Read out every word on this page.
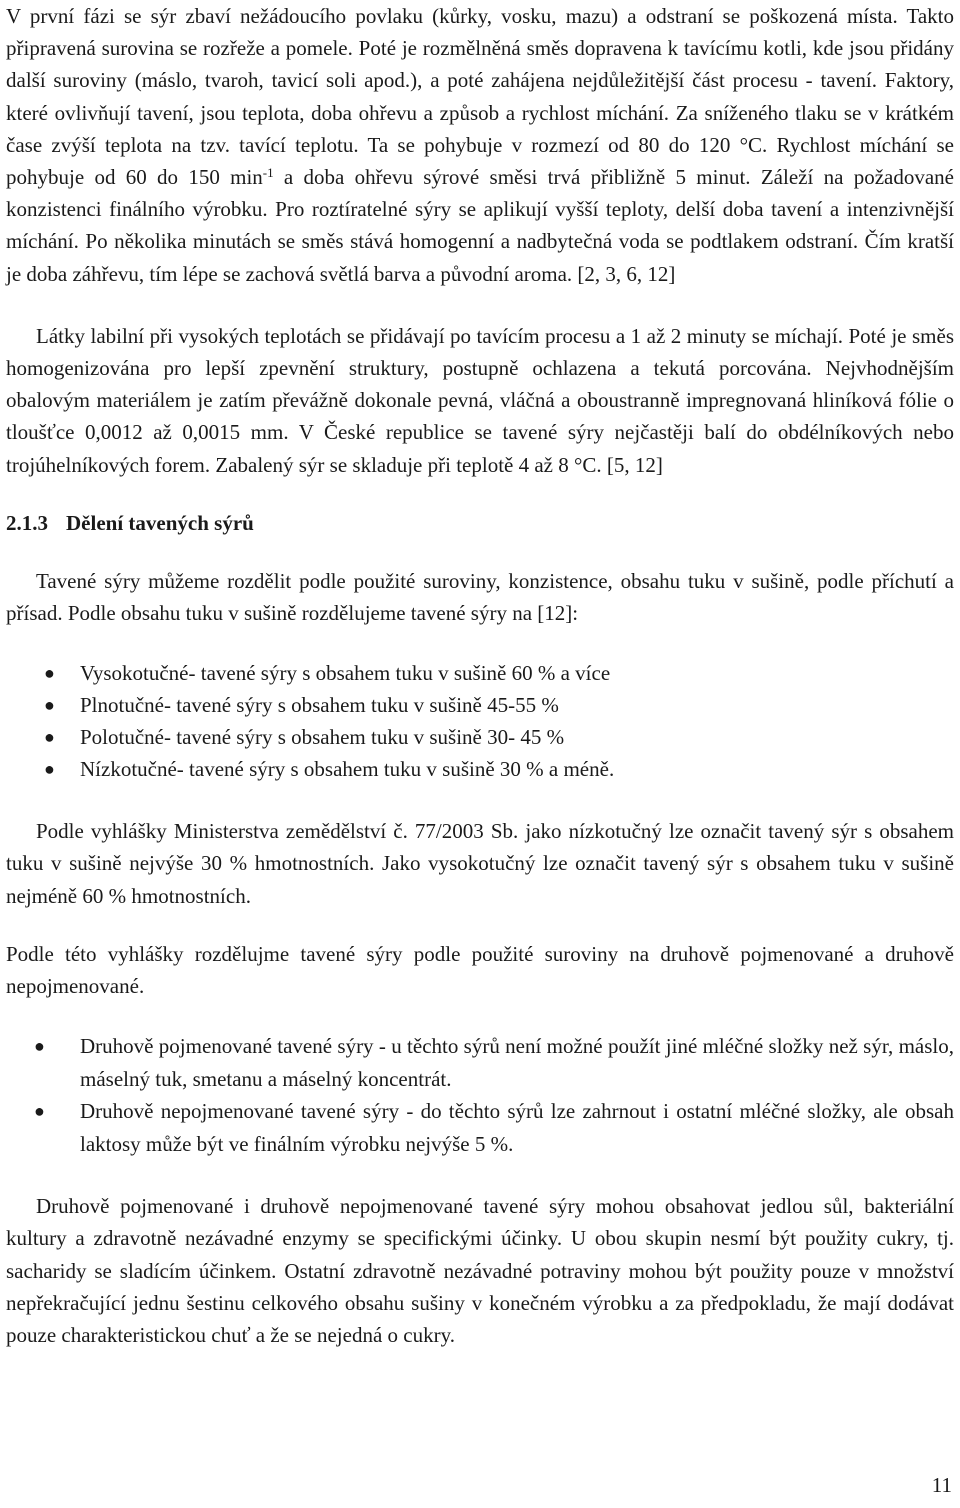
V první fázi se sýr zbaví nežádoucího povlaku (kůrky, vosku, mazu) a odstraní se poškozená místa. Takto připravená surovina se rozřeže a pomele. Poté je rozmělněná směs dopravena k tavícímu kotli, kde jsou přidány další suroviny (máslo, tvaroh, tavicí soli apod.), a poté zahájena nejdůležitější část procesu - tavení. Faktory, které ovlivňují tavení, jsou teplota, doba ohřevu a způsob a rychlost míchání. Za sníženého tlaku se v krátkém čase zvýší teplota na tzv. tavící teplotu. Ta se pohybuje v rozmezí od 80 do 120 °C. Rychlost míchání se pohybuje od 60 do 150 $\min^{-1} a$ doba ohřevu sýrové směsi trvá přibližně 5 minut. Záleží na požadované konzistenci finálního výrobku. Pro roztíratelné sýry se aplikují vyšší teploty, delší doba tavení a intenzivnější míchání. Po několika minutách se směs stává homogenní a nadbytečná voda se podtlakem odstraní. Čím kratší je doba záhřevu, tím lépe se zachová světlá barva a původní aroma. [2, 3, 6, 12]

Látky labilní při vysokých teplotách se přidávají po tavícím procesu a 1 až 2 minuty se míchají. Poté je směs homogenizována pro lepší zpevnění struktury, postupně ochlazena a tekutá porcována. Nejvhodnějším obalovým materiálem je zatím převážně dokonale pevná, vláčná a oboustranně impregnovaná hliníková fólie o tloušťce 0,0012 až 0,0015 mm. V České republice se tavené sýry nejčastěji balí do obdélníkových nebo trojúhelníkových forem. Zabalený sýr se skladuje při teplotě 4 až 8 °C. [5, 12]

2.1.3 Dělení tavených sýrů

Tavené sýry můžeme rozdělit podle použité suroviny, konzistence, obsahu tuku v sušině, podle příchutí a přísad. Podle obsahu tuku v sušině rozdělujeme tavené sýry na [12]:

● Vysokotučné- tavené sýry s obsahem tuku v sušině 60 % a více
● Plnotučné- tavené sýry s obsahem tuku v sušině 45-55 %
● Polotučné- tavené sýry s obsahem tuku v sušině 30- 45 %
● Nízkotučné- tavené sýry s obsahem tuku v sušině 30 % a méně.

Podle vyhlášky Ministerstva zemědělství č. 77/2003 Sb. jako nízkotučný lze označit tavený sýr s obsahem tuku v sušině nejvýše 30 % hmotnostních. Jako vysokotučný lze označit tavený sýr s obsahem tuku v sušině nejméně 60 % hmotnostních.

Podle této vyhlášky rozdělujme tavené sýry podle použité suroviny na druhově pojmenované a druhově nepojmenované.

● Druhově pojmenované tavené sýry - u těchto sýrů není možné použít jiné mléčné složky než sýr, máslo, máselný tuk, smetanu a máselný koncentrát.
● Druhově nepojmenované tavené sýry - do těchto sýrů lze zahrnout i ostatní mléčné složky, ale obsah laktosy může být ve finálním výrobku nejvýše 5 %.

Druhově pojmenované i druhově nepojmenované tavené sýry mohou obsahovat jedlou sůl, bakteriální kultury a zdravotně nezávadné enzymy se specifickými účinky. U obou skupin nesmí být použity cukry, tj. sacharidy se sladícím účinkem. Ostatní zdravotně nezávadné potraviny mohou být použity pouze v množství nepřekračující jednu šestinu celkového obsahu sušiny v konečném výrobku a za předpokladu, že mají dodávat pouze charakteristickou chuť a že se nejedná o cukry.

11
